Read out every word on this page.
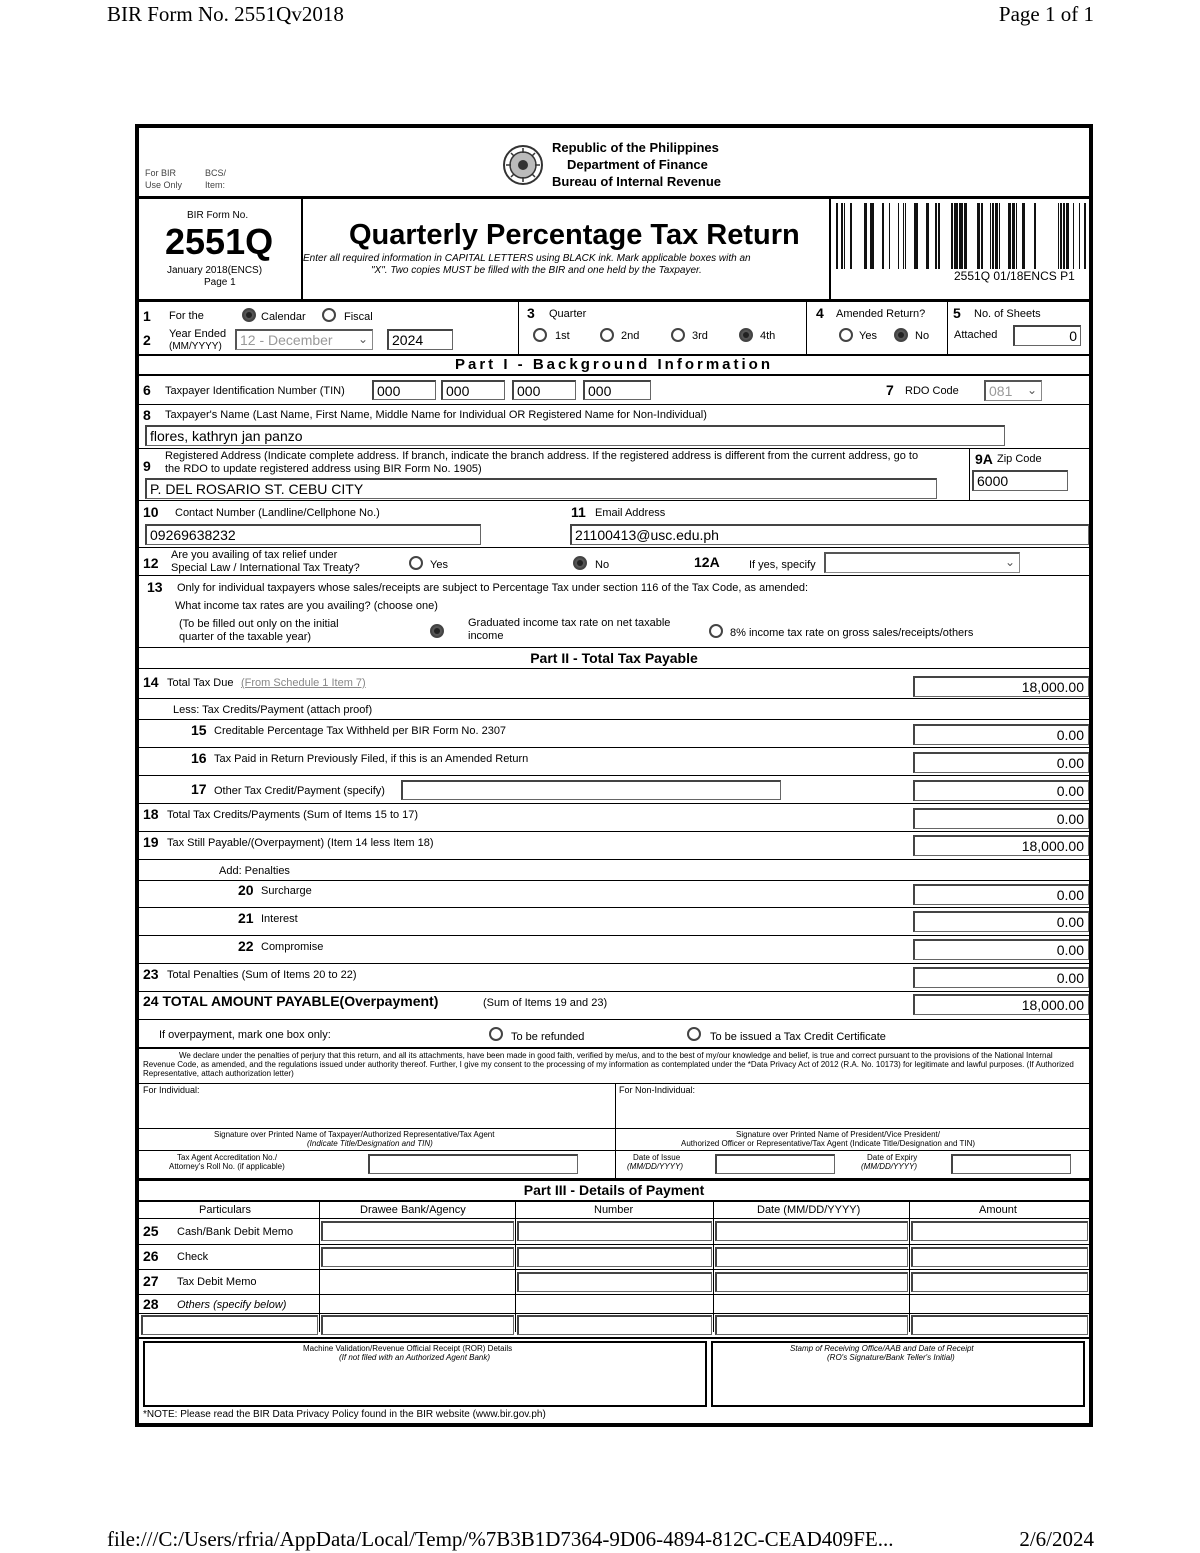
BIR Form No. 2551Qv2018	Page 1 of 1
For BIR
Use Only
BCS/
Item:
Republic of the Philippines
Department of Finance
Bureau of Internal Revenue
BIR Form No.
2551Q
January 2018(ENCS)
Page 1
Quarterly Percentage Tax Return
Enter all required information in CAPITAL LETTERS using BLACK ink. Mark applicable boxes with an
"X". Two copies MUST be filled with the BIR and one held by the Taxpayer.	2551Q 01/18ENCS P1
1 For the	Calendar	Fiscal
2 Year Ended
(MM/YYYY)	12 - December ⌄	2024
3 Quarter
1st	2nd	3rd	4th
4 Amended Return?
Yes	No
5 No. of Sheets
Attached	0
Part I - Background Information
6 Taxpayer Identification Number (TIN)	000	000	000	000	7 RDO Code	081 ⌄
8 Taxpayer's Name (Last Name, First Name, Middle Name for Individual OR Registered Name for Non-Individual)
flores, kathryn jan panzo
9
Registered Address (Indicate complete address. If branch, indicate the branch address. If the registered address is different from the current address, go to
the RDO to update registered address using BIR Form No. 1905)
P. DEL ROSARIO ST. CEBU CITY
9A Zip Code
6000
10 Contact Number (Landline/Cellphone No.)
09269638232
11 Email Address
21100413@usc.edu.ph
12 Are you availing of tax relief under
Special Law / International Tax Treaty?	Yes	No	12A	If yes, specify	⌄
13 Only for individual taxpayers whose sales/receipts are subject to Percentage Tax under section 116 of the Tax Code, as amended:
What income tax rates are you availing? (choose one)
(To be filled out only on the initial
quarter of the taxable year)
Graduated income tax rate on net taxable
income	8% income tax rate on gross sales/receipts/others
Part II - Total Tax Payable
14 Total Tax Due (From Schedule 1 Item 7)	18,000.00
Less: Tax Credits/Payment (attach proof)
15 Creditable Percentage Tax Withheld per BIR Form No. 2307	0.00
16 Tax Paid in Return Previously Filed, if this is an Amended Return	0.00
17 Other Tax Credit/Payment (specify)	0.00
18 Total Tax Credits/Payments (Sum of Items 15 to 17)	0.00
19 Tax Still Payable/(Overpayment) (Item 14 less Item 18)	18,000.00
Add: Penalties
20 Surcharge	0.00
21 Interest	0.00
22 Compromise	0.00
23 Total Penalties (Sum of Items 20 to 22)	0.00
24 TOTAL AMOUNT PAYABLE(Overpayment)	(Sum of Items 19 and 23)	18,000.00
If overpayment, mark one box only:	To be refunded	To be issued a Tax Credit Certificate
We declare under the penalties of perjury that this return, and all its attachments, have been made in good faith, verified by me/us, and to the best of my/our knowledge and belief, is true and correct pursuant to the provisions of the National Internal Revenue Code, as amended, and the regulations issued under authority thereof. Further, I give my consent to the processing of my information as contemplated under the *Data Privacy Act of 2012 (R.A. No. 10173) for legitimate and lawful purposes. (If Authorized Representative, attach authorization letter)
For Individual:	For Non-Individual:
Signature over Printed Name of Taxpayer/Authorized Representative/Tax Agent
(Indicate Title/Designation and TIN)
Signature over Printed Name of President/Vice President/
Authorized Officer or Representative/Tax Agent (Indicate Title/Designation and TIN)
Tax Agent Accreditation No./
Attorney's Roll No. (if applicable)
Date of Issue
(MM/DD/YYYY)
Date of Expiry
(MM/DD/YYYY)
Part III - Details of Payment
Particulars	Drawee Bank/Agency	Number	Date (MM/DD/YYYY)	Amount
25 Cash/Bank Debit Memo
26 Check
27 Tax Debit Memo
28 Others (specify below)
Machine Validation/Revenue Official Receipt (ROR) Details
(If not filed with an Authorized Agent Bank)
Stamp of Receiving Office/AAB and Date of Receipt
(RO's Signature/Bank Teller's Initial)
*NOTE: Please read the BIR Data Privacy Policy found in the BIR website (www.bir.gov.ph)
file:///C:/Users/rfria/AppData/Local/Temp/%7B3B1D7364-9D06-4894-812C-CEAD409FE...	2/6/2024
